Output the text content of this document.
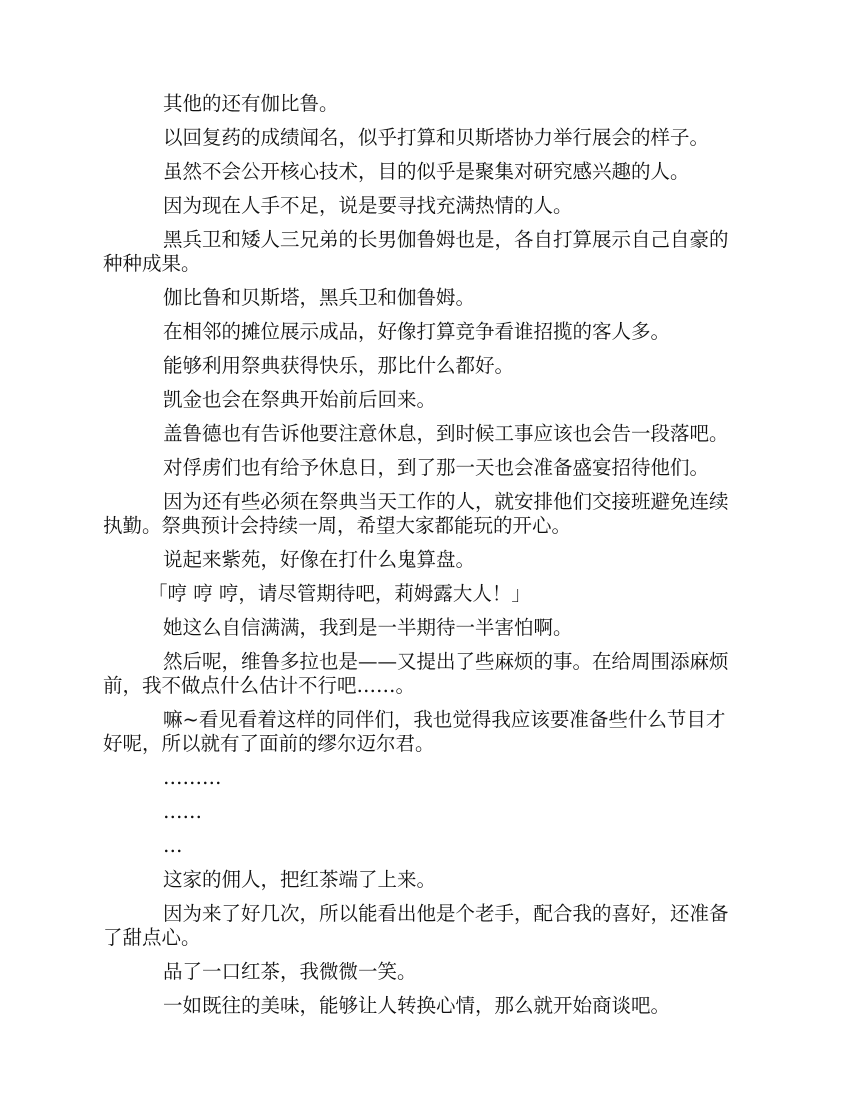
其他的还有伽比鲁。

以回复药的成绩闻名，似乎打算和贝斯塔协力举行展会的样子。

虽然不会公开核心技术，目的似乎是聚集对研究感兴趣的人。

因为现在人手不足，说是要寻找充满热情的人。

黑兵卫和矮人三兄弟的长男伽鲁姆也是，各自打算展示自己自豪的种种成果。

伽比鲁和贝斯塔，黑兵卫和伽鲁姆。

在相邻的摊位展示成品，好像打算竞争看谁招揽的客人多。

能够利用祭典获得快乐，那比什么都好。

凯金也会在祭典开始前后回来。

盖鲁德也有告诉他要注意休息，到时候工事应该也会告一段落吧。

对俘虏们也有给予休息日，到了那一天也会准备盛宴招待他们。

因为还有些必须在祭典当天工作的人，就安排他们交接班避免连续执勤。祭典预计会持续一周，希望大家都能玩的开心。

说起来紫苑，好像在打什么鬼算盘。

「哼 哼 哼，请尽管期待吧，莉姆露大人！」

她这么自信满满，我到是一半期待一半害怕啊。

然后呢，维鲁多拉也是——又提出了些麻烦的事。在给周围添麻烦前，我不做点什么估计不行吧……。

嘛~看见看着这样的同伴们，我也觉得我应该要准备些什么节目才好呢，所以就有了面前的缪尔迈尔君。

………

……

…

这家的佣人，把红茶端了上来。

因为来了好几次，所以能看出他是个老手，配合我的喜好，还准备了甜点心。

品了一口红茶，我微微一笑。

一如既往的美味，能够让人转换心情，那么就开始商谈吧。
